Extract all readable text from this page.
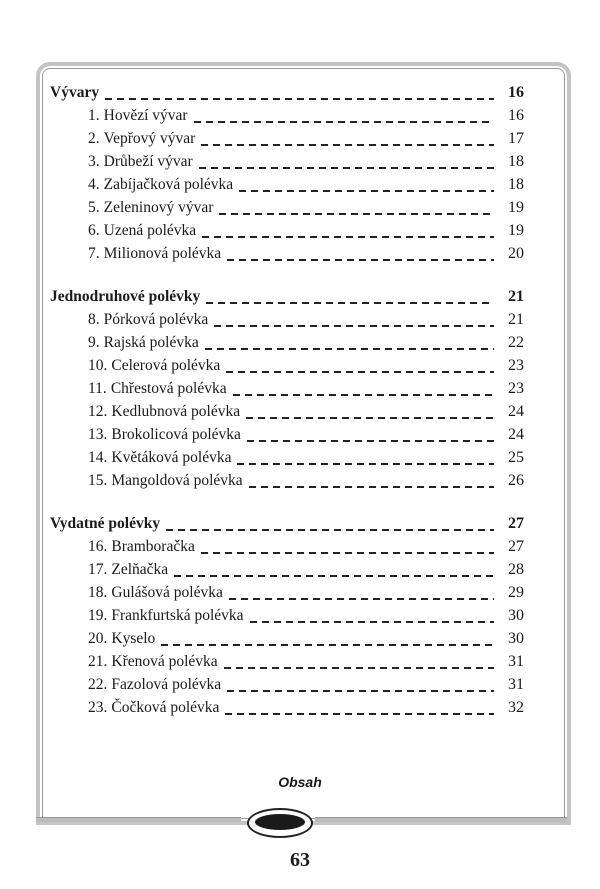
Vývary	16
1. Hovězí vývar	16
2. Vepřový vývar	17
3. Drůbeží vývar	18
4. Zabíjačková polévka	18
5. Zeleninový vývar	19
6. Uzená polévka	19
7. Milionová polévka	20
Jednodruhové polévky	21
8. Pórková polévka	21
9. Rajská polévka	22
10. Celerová polévka	23
11. Chřestová polévka	23
12. Kedlubnová polévka	24
13. Brokolicová polévka	24
14. Květáková polévka	25
15. Mangoldová polévka	26
Vydatné polévky	27
16. Bramboračka	27
17. Zelňačka	28
18. Gulášová polévka	29
19. Frankfurtská polévka	30
20. Kyselo	30
21. Křenová polévka	31
22. Fazolová polévka	31
23. Čočková polévka	32
Obsah
63
